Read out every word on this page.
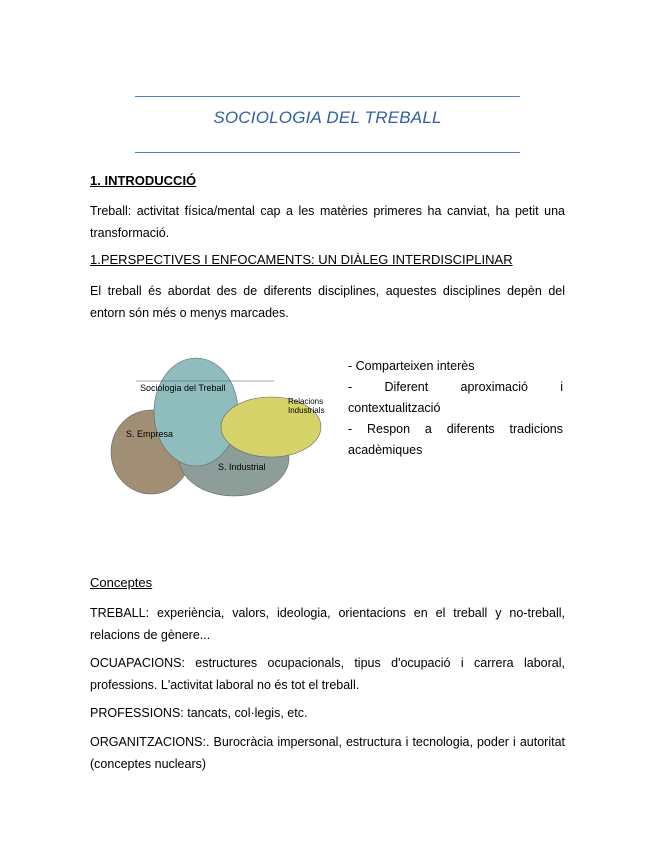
SOCIOLOGIA DEL TREBALL
1. INTRODUCCIÓ
Treball: activitat física/mental cap a les matèries primeres ha canviat, ha petit una transformació.
1.PERSPECTIVES I ENFOCAMENTS: UN DIÀLEG INTERDISCIPLINAR
El treball és abordat des de diferents disciplines, aquestes disciplines depèn del entorn són més o menys marcades.
Sociologia del Treball
Relacions
Industrials
S. Empresa
S. Industrial
- Comparteixen interès
- Diferent aproximació i contextualització
- Respon a diferents tradicions acadèmiques
Conceptes
TREBALL: experiència, valors, ideologia, orientacions en el treball y no-treball, relacions de gènere...
OCUAPACIONS: estructures ocupacionals, tipus d'ocupació i carrera laboral, professions. L'activitat laboral no és tot el treball.
PROFESSIONS: tancats, col·legis, etc.
ORGANITZACIONS:. Burocràcia impersonal, estructura i tecnologia, poder i autoritat (conceptes nuclears)
